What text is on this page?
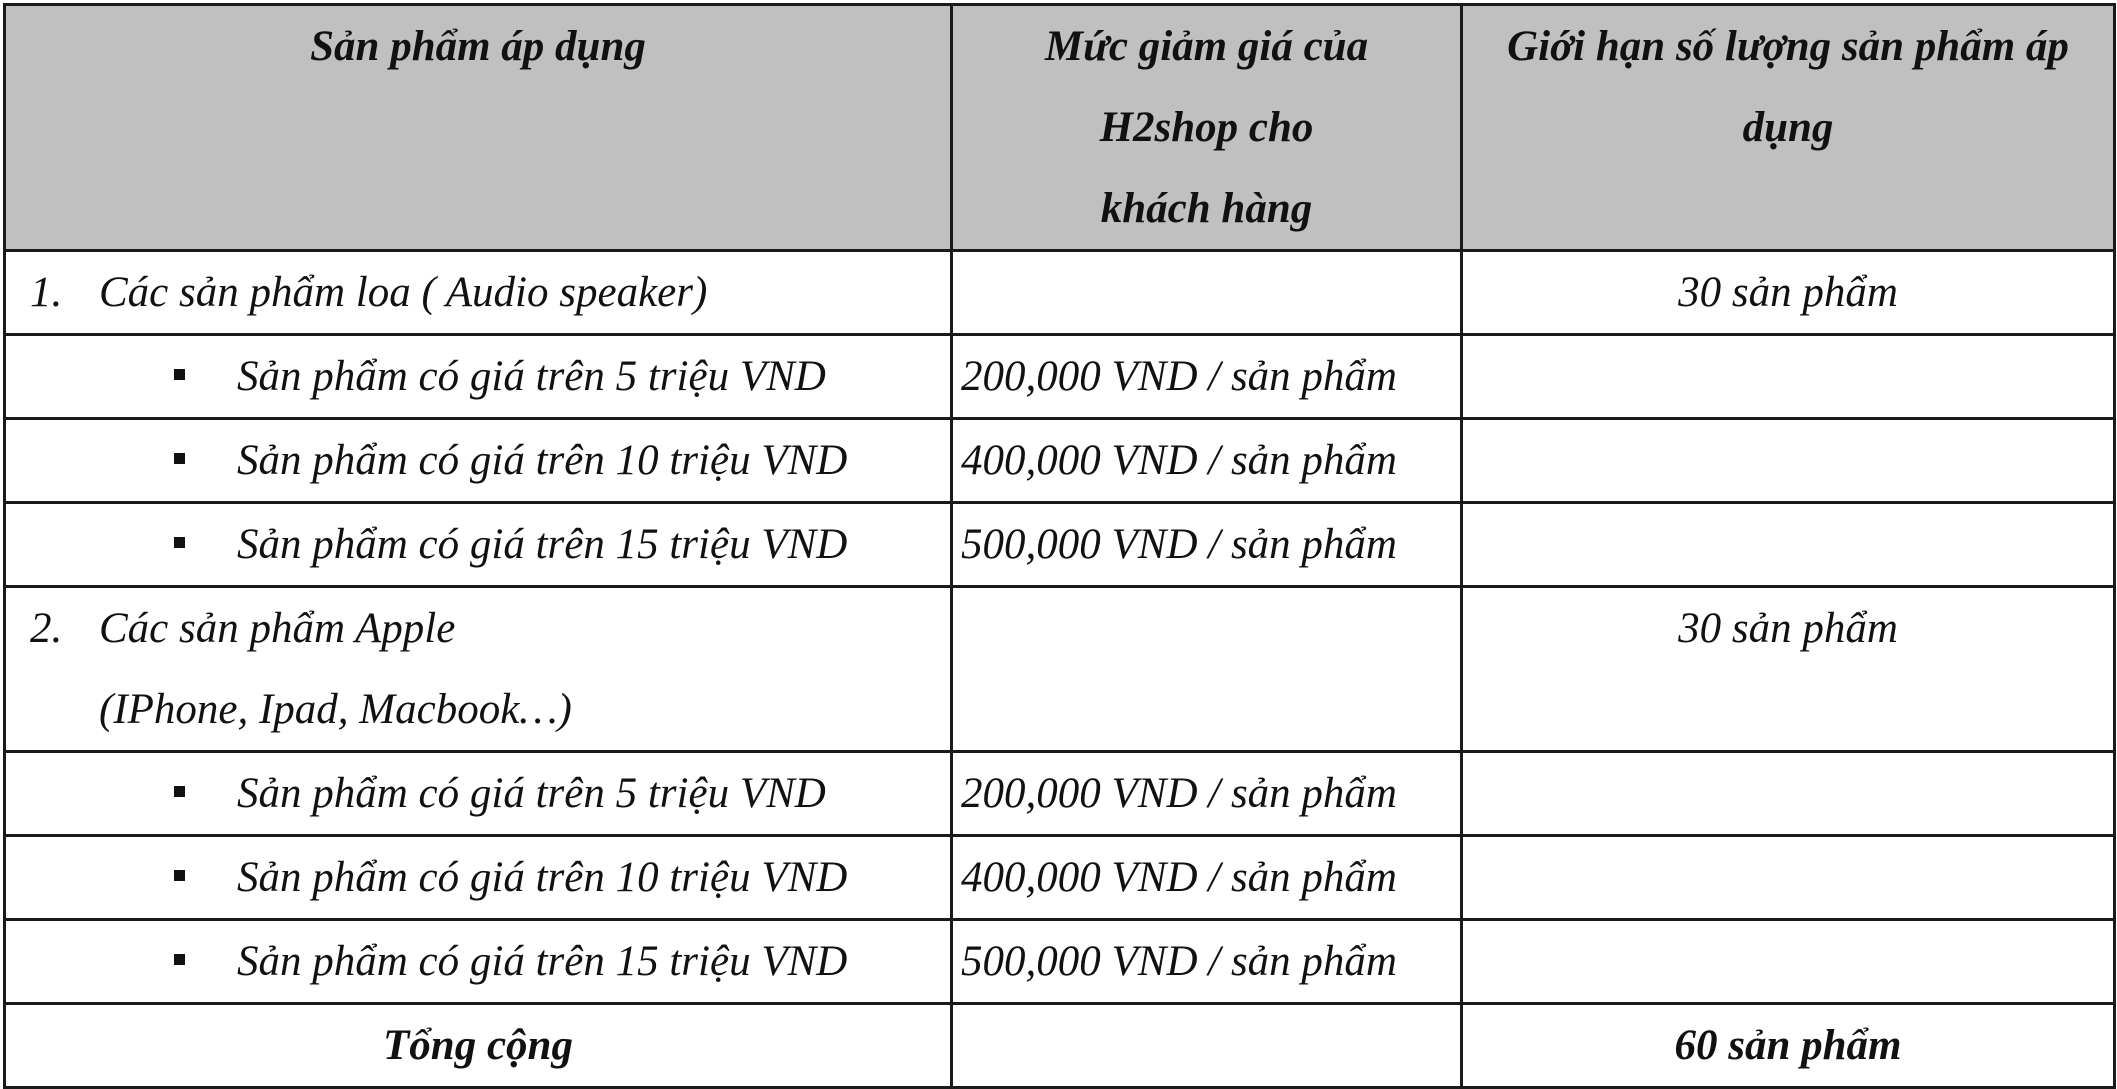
Sản phẩm áp dụng	Mức giảm giá của H2shop cho khách hàng	Giới hạn số lượng sản phẩm áp dụng

1. Các sản phẩm loa ( Audio speaker)		30 sản phẩm

Sản phẩm có giá trên 5 triệu VND	200,000 VND / sản phẩm	

Sản phẩm có giá trên 10 triệu VND	400,000 VND / sản phẩm	

Sản phẩm có giá trên 15 triệu VND	500,000 VND / sản phẩm	

2. Các sản phẩm Apple (IPhone, Ipad, Macbook…)		30 sản phẩm

Sản phẩm có giá trên 5 triệu VND	200,000 VND / sản phẩm	

Sản phẩm có giá trên 10 triệu VND	400,000 VND / sản phẩm	

Sản phẩm có giá trên 15 triệu VND	500,000 VND / sản phẩm	
Tổng cộng		60 sản phẩm
